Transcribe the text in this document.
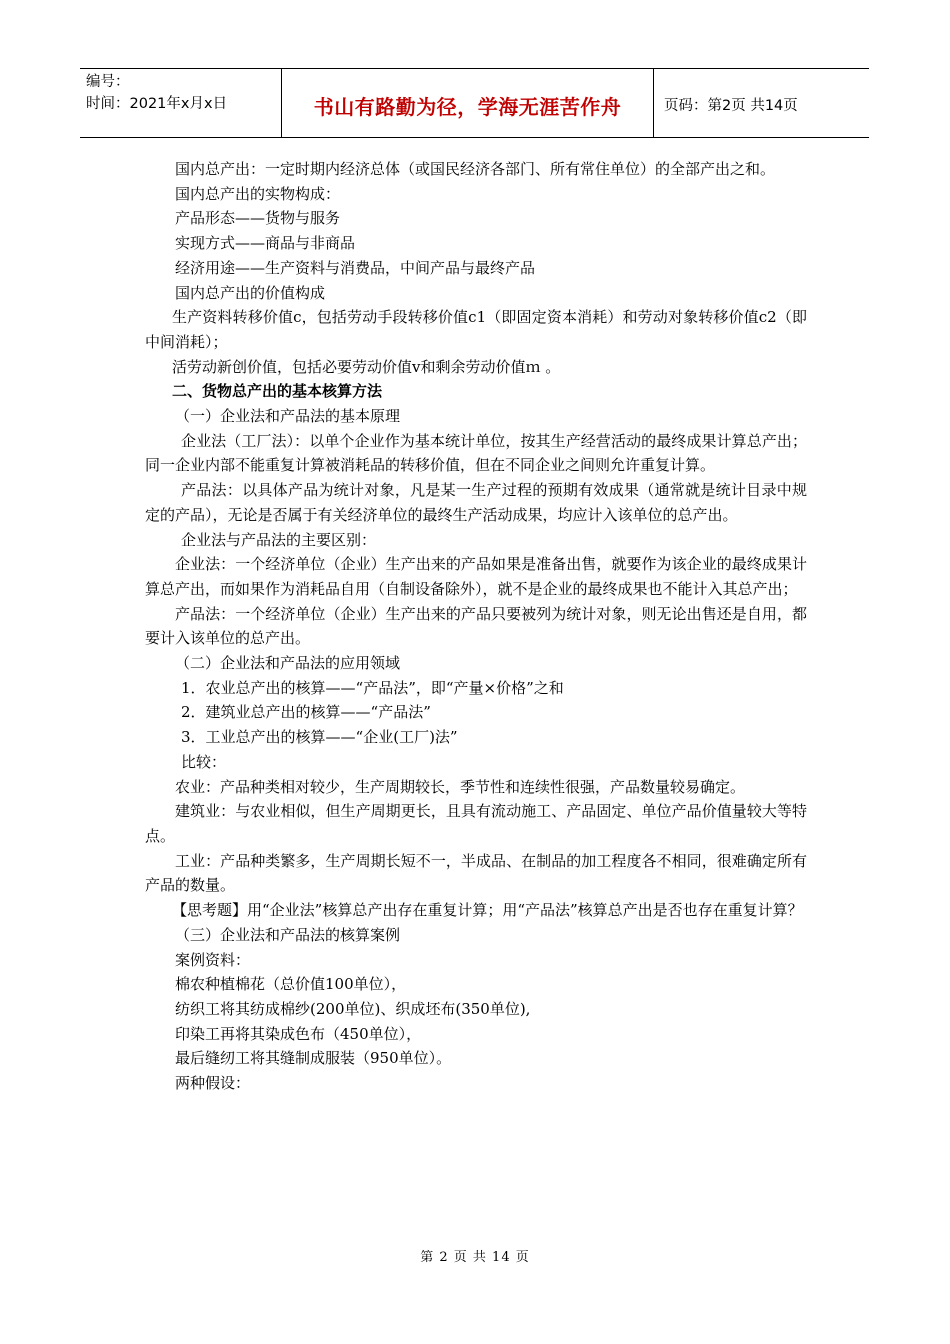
编号：
时间：2021年x月x日	书山有路勤为径，学海无涯苦作舟	页码：第2页 共14页

国内总产出：一定时期内经济总体（或国民经济各部门、所有常住单位）的全部产出之和。

国内总产出的实物构成：

产品形态——货物与服务

实现方式——商品与非商品

经济用途——生产资料与消费品，中间产品与最终产品

国内总产出的价值构成

生产资料转移价值c，包括劳动手段转移价值c1（即固定资本消耗）和劳动对象转移价值c2（即中间消耗）；

活劳动新创价值，包括必要劳动价值v和剩余劳动价值ｍ 。

二、货物总产出的基本核算方法

（一）企业法和产品法的基本原理

企业法（工厂法）：以单个企业作为基本统计单位，按其生产经营活动的最终成果计算总产出；同一企业内部不能重复计算被消耗品的转移价值，但在不同企业之间则允许重复计算。

产品法：以具体产品为统计对象，凡是某一生产过程的预期有效成果（通常就是统计目录中规定的产品），无论是否属于有关经济单位的最终生产活动成果，均应计入该单位的总产出。

企业法与产品法的主要区别：

企业法：一个经济单位（企业）生产出来的产品如果是准备出售，就要作为该企业的最终成果计算总产出，而如果作为消耗品自用（自制设备除外），就不是企业的最终成果也不能计入其总产出；

产品法：一个经济单位（企业）生产出来的产品只要被列为统计对象，则无论出售还是自用，都要计入该单位的总产出。

（二）企业法和产品法的应用领域

1．农业总产出的核算——“产品法”，即“产量×价格”之和

2．建筑业总产出的核算——“产品法”

3．工业总产出的核算——“企业(工厂)法”

比较：

农业：产品种类相对较少，生产周期较长，季节性和连续性很强，产品数量较易确定。

建筑业：与农业相似，但生产周期更长，且具有流动施工、产品固定、单位产品价值量较大等特点。

工业：产品种类繁多，生产周期长短不一，半成品、在制品的加工程度各不相同，很难确定所有产品的数量。

【思考题】用“企业法”核算总产出存在重复计算；用“产品法”核算总产出是否也存在重复计算？

（三）企业法和产品法的核算案例

案例资料：

棉农种植棉花（总价值100单位），

纺织工将其纺成棉纱(200单位)、织成坯布(350单位),

印染工再将其染成色布（450单位），

最后缝纫工将其缝制成服装（950单位）。

两种假设：

第 2 页 共 14 页
